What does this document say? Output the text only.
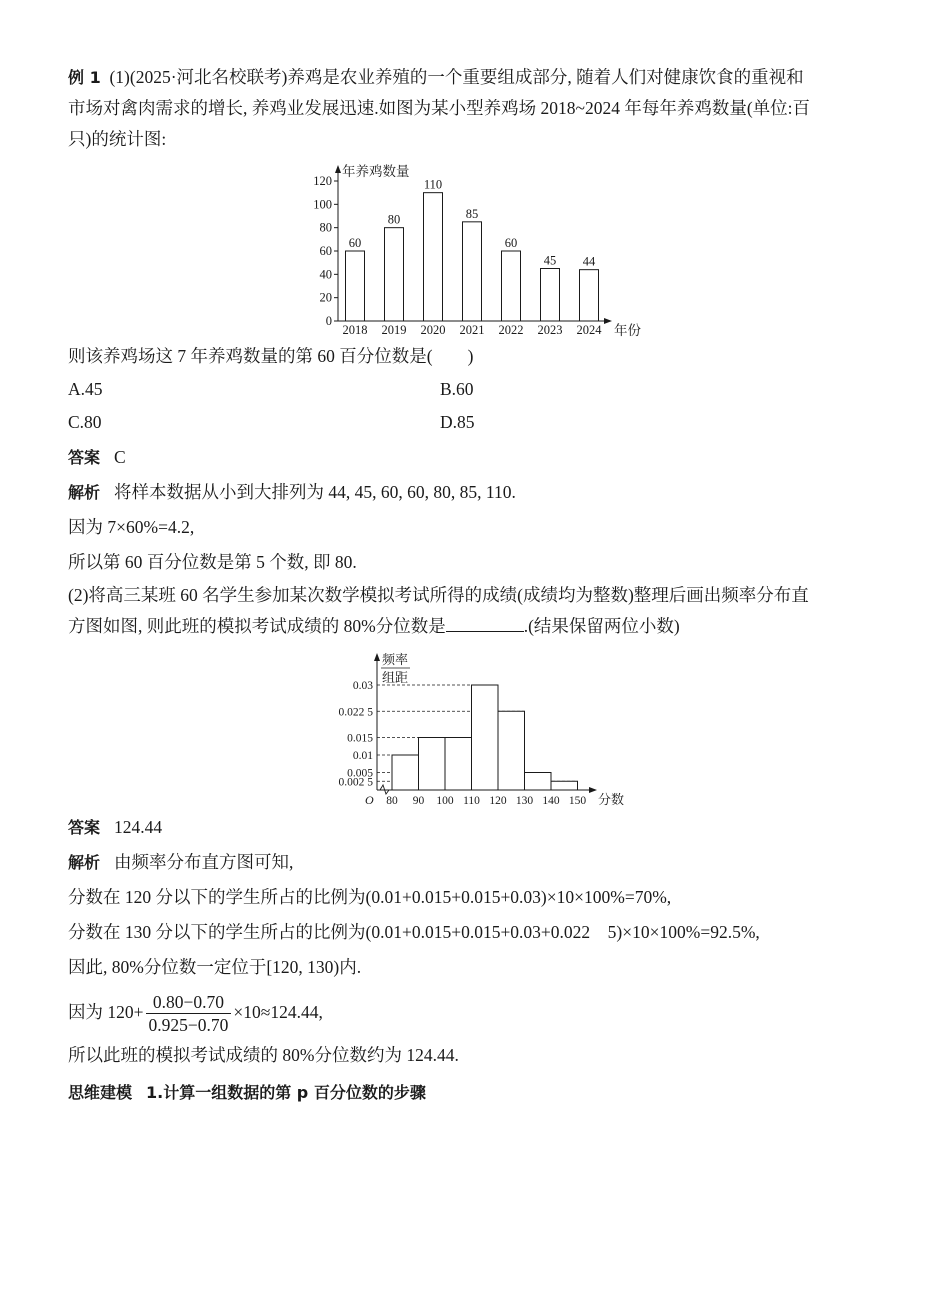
例 1 (1)(2025·河北名校联考)养鸡是农业养殖的一个重要组成部分, 随着人们对健康饮食的重视和

市场对禽肉需求的增长, 养鸡业发展迅速.如图为某小型养鸡场 2018~2024 年每年养鸡数量(单位:百

只)的统计图:

年养鸡数量
年份
0
20
40
60
80
100
120
60
2018
80
2019
110
2020
85
2021
60
2022
45
2023
44
2024

则该养鸡场这 7 年养鸡数量的第 60 百分位数是(　　)

A.45	B.60
C.80	D.85

答案 C

解析 将样本数据从小到大排列为 44, 45, 60, 60, 80, 85, 110.

因为 7×60%=4.2,

所以第 60 百分位数是第 5 个数, 即 80.

(2)将高三某班 60 名学生参加某次数学模拟考试所得的成绩(成绩均为整数)整理后画出频率分布直

方图如图, 则此班的模拟考试成绩的 80%分位数是	.(结果保留两位小数)

频率
组距
分数
O
0.002 5
0.005
0.01
0.015
0.022 5
0.03
80 90 100 110 120 130 140 150

答案 124.44

解析 由频率分布直方图可知,

分数在 120 分以下的学生所占的比例为(0.01+0.015+0.015+0.03)×10×100%=70%,

分数在 130 分以下的学生所占的比例为(0.01+0.015+0.015+0.03+0.022　5)×10×100%=92.5%,

因此, 80%分位数一定位于[120, 130)内.

因为 $120+ \frac{0.80-0.70}{0.925-0.70} \times 10\approx 124.44$,

所以此班的模拟考试成绩的 80%分位数约为 124.44.

思维建模 1.计算一组数据的第 p 百分位数的步骤
